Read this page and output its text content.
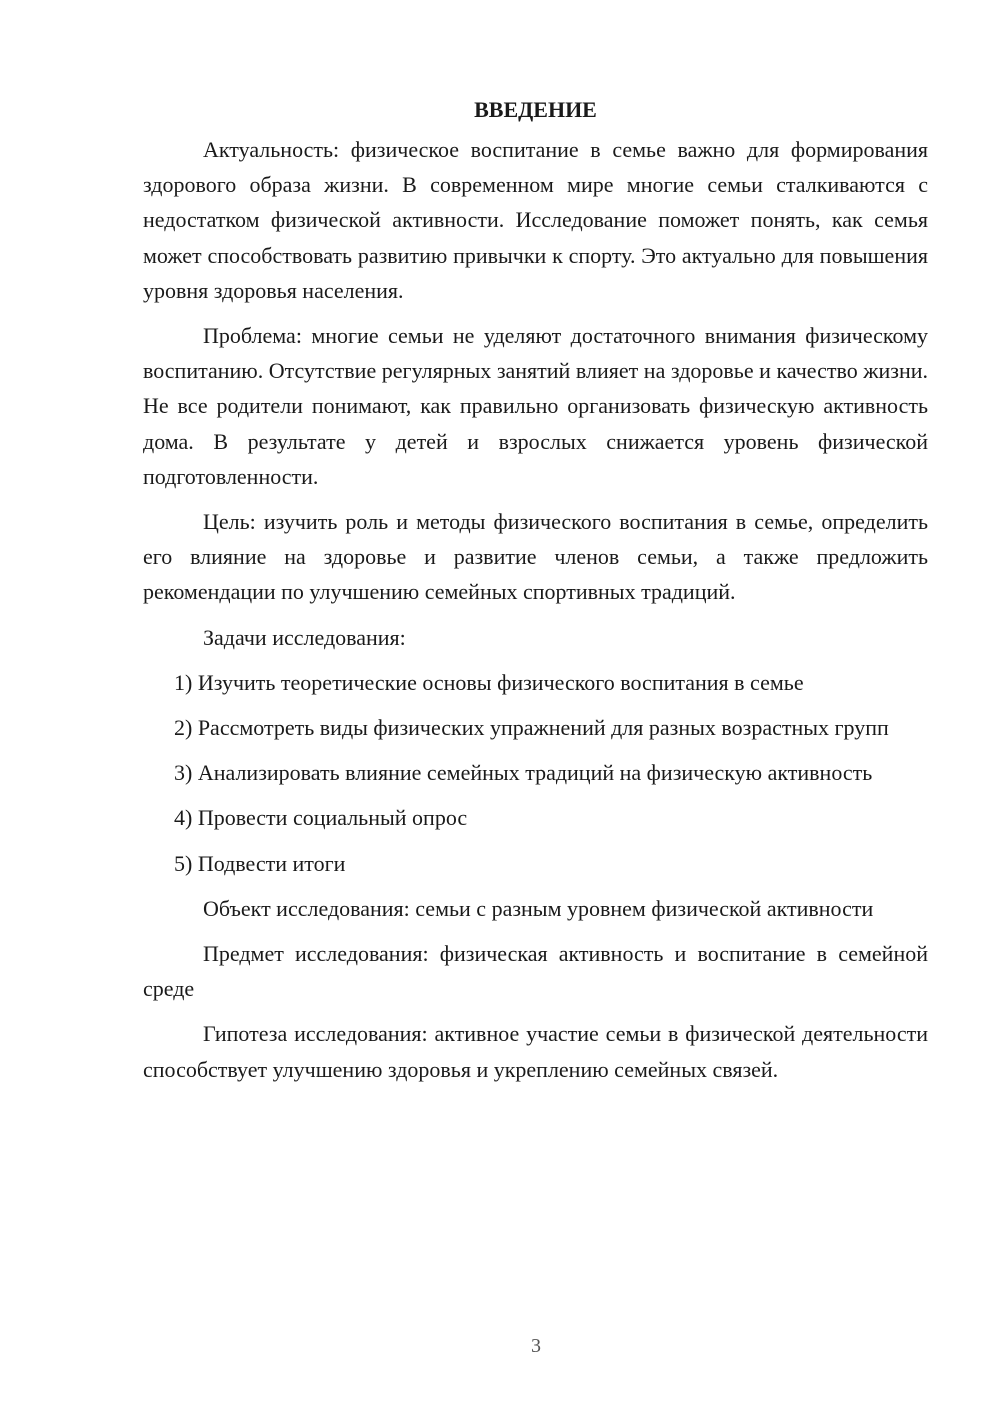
ВВЕДЕНИЕ

Актуальность: физическое воспитание в семье важно для формирования здорового образа жизни. В современном мире многие семьи сталкиваются с недостатком физической активности. Исследование поможет понять, как семья может способствовать развитию привычки к спорту. Это актуально для повышения уровня здоровья населения.

Проблема: многие семьи не уделяют достаточного внимания физическому воспитанию. Отсутствие регулярных занятий влияет на здоровье и качество жизни. Не все родители понимают, как правильно организовать физическую активность дома. В результате у детей и взрослых снижается уровень физической подготовленности.

Цель: изучить роль и методы физического воспитания в семье, определить его влияние на здоровье и развитие членов семьи, а также предложить рекомендации по улучшению семейных спортивных традиций.

Задачи исследования:

1) Изучить теоретические основы физического воспитания в семье

2) Рассмотреть виды физических упражнений для разных возрастных групп

3) Анализировать влияние семейных традиций на физическую активность

4) Провести социальный опрос

5) Подвести итоги

Объект исследования: семьи с разным уровнем физической активности

Предмет исследования: физическая активность и воспитание в семейной среде

Гипотеза исследования: активное участие семьи в физической деятельности способствует улучшению здоровья и укреплению семейных связей.

3
